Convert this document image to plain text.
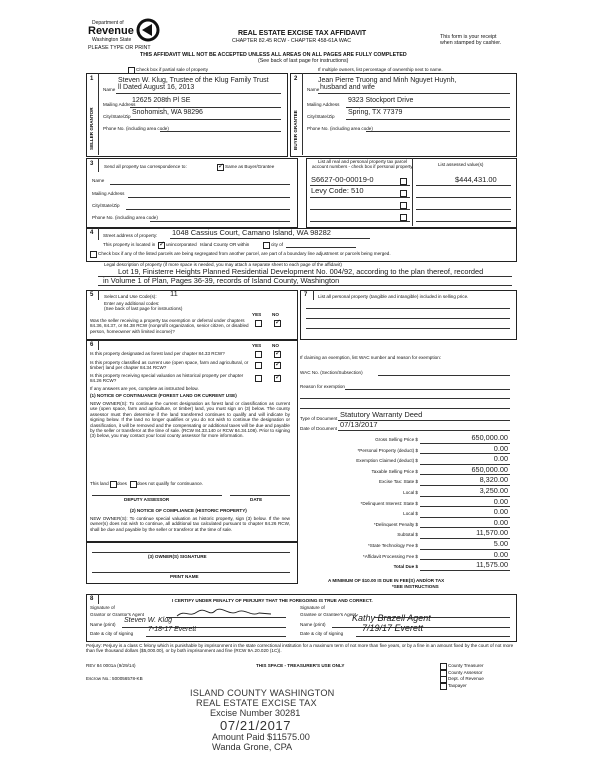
Department of
Revenue
Washington State
PLEASE TYPE OR PRINT
REAL ESTATE EXCISE TAX AFFIDAVIT
CHAPTER 82.45 RCW - CHAPTER 458-61A WAC
This form is your receipt
when stamped by cashier.
THIS AFFIDAVIT WILL NOT BE ACCEPTED UNLESS ALL AREAS ON ALL PAGES ARE FULLY COMPLETED
(See back of last page for instructions)
Check box if partial sale of property	If multiple owners, list percentage of ownership next to name.
1	2
SELLER GRANTOR	BUYER GRANTEE
Steven W. Klug, Trustee of the Klug Family Trust
Name ll Dated August 16, 2013
Mailing Address
12625 208th Pl SE
City/State/Zip
Snohomish, WA 98296
Phone No. (including area code)
Jean Pierre Truong and Minh Nguyet Huynh,
Name husband and wife
Mailing Address
9323 Stockport Drive
City/State/Zip
Spring, TX 77379
Phone No. (including area code)
3 Send all property tax correspondence to: ✓	Same as Buyer/Grantee
Name
Mailing Address
City/State/Zip
Phone No. (including area code)
List all real and personal property tax parcel
account numbers - check box if personal property	List assessed value(s)
S6627-00-00019-0	$444,431.00
Levy Code: 510
4 Street address of property: 1048 Cassius Court, Camano Island, WA 98282
This property is located in ✓ unincorporated Island County OR within	city of
Check box if any of the listed parcels are being segregated from another parcel, are part of a boundary line adjustment or parcels being merged.
Legal description of property (if more space is needed, you may attach a separate sheet to each page of the affidavit)
Lot 19, Finisterre Heights Planned Residential Development No. 004/92, according to the plan thereof, recorded
in Volume 1 of Plan, Pages 36-39, records of Island County, Washington
5 Select Land Use Code(s): 11
Enter any additional codes:
(See back of last page for instructions)
YES NO
Was the seller receiving a property tax exemption or deferral under chapters 84.36, 84.37, or 84.38 RCW (nonprofit organization, senior citizen, or disabled person, homeowner with limited income)?
✓
7 List all personal property (tangible and intangible) included in selling price.
6	YES NO
Is this property designated as forest land per chapter 84.33 RCW?
✓
Is this property classified as current use (open space, farm and agricultural, or timber) land per chapter 84.34 RCW?
✓
Is this property receiving special valuation as historical property per chapter 84.26 RCW?
✓
If any answers are yes, complete as instructed below.
(1) NOTICE OF CONTINUANCE (FOREST LAND OR CURRENT USE)
NEW OWNER(S): To continue the current designation as forest land or classification as current use (open space, farm and agriculture, or timber) land, you must sign on (3) below. The county assessor must then determine if the land transferred continues to qualify and will indicate by signing below. If the land no longer qualifies or you do not wish to continue the designation or classification, it will be removed and the compensating or additional taxes will be due and payable by the seller or transferor at the time of sale. (RCW 84.33.140 or RCW 84.34.108). Prior to signing (3) below, you may contact your local county assessor for more information.
This land does does not qualify for continuance.
DEPUTY ASSESSOR	DATE
(2) NOTICE OF COMPLIANCE (HISTORIC PROPERTY)
NEW OWNER(S): To continue special valuation as historic property, sign (3) below. If the new owner(s) does not wish to continue, all additional tax calculated pursuant to chapter 84.26 RCW, shall be due and payable by the seller or transferor at the time of sale.
(3) OWNER(S) SIGNATURE
PRINT NAME
If claiming an exemption, list WAC number and reason for exemption:
WAC No. (Section/Subsection)
Reason for exemption
Type of Document Statutory Warranty Deed
Date of Document 07/13/2017
Gross Selling Price $	650,000.00
*Personal Property (deduct) $	0.00
Exemption Claimed (deduct) $	0.00
Taxable Selling Price $	650,000.00
Excise Tax: State $	8,320.00
Local $	3,250.00
*Delinquent Interest: State $	0.00
Local $	0.00
*Delinquent Penalty $	0.00
Subtotal $	11,570.00
*State Technology Fee $	5.00
*Affidavit Processing Fee $	0.00
Total Due $	11,575.00
A MINIMUM OF $10.00 IS DUE IN FEE(S) AND/OR TAX
*SEE INSTRUCTIONS
8	I CERTIFY UNDER PENALTY OF PERJURY THAT THE FOREGOING IS TRUE AND CORRECT.
Signature of
Grantor or Grantor's Agent
Name (print)
Steven W. Klug
Date & city of signing
7-18-17 Everett
Signature of
Grantee or Grantee's Agent
Name (print)
Kathy Brazell Agent
Date & city of signing
7/19/17 Everett
Perjury: Perjury is a class C felony which is punishable by imprisonment in the state correctional institution for a maximum term of not more than five years, or by a fine in an amount fixed by the court of not more than five thousand dollars ($5,000.00), or by both imprisonment and fine (RCW 9A.20.020 (1C)).
REV 84 0001a (9/29/14)	THIS SPACE - TREASURER'S USE ONLY
Escrow No.: 500056578-KB
County Treasurer
County Assessor
Dept. of Revenue
Taxpayer
ISLAND COUNTY WASHINGTON
REAL ESTATE EXCISE TAX
Excise Number 30281
07/21/2017
Amount Paid $11575.00
Wanda Grone, CPA
